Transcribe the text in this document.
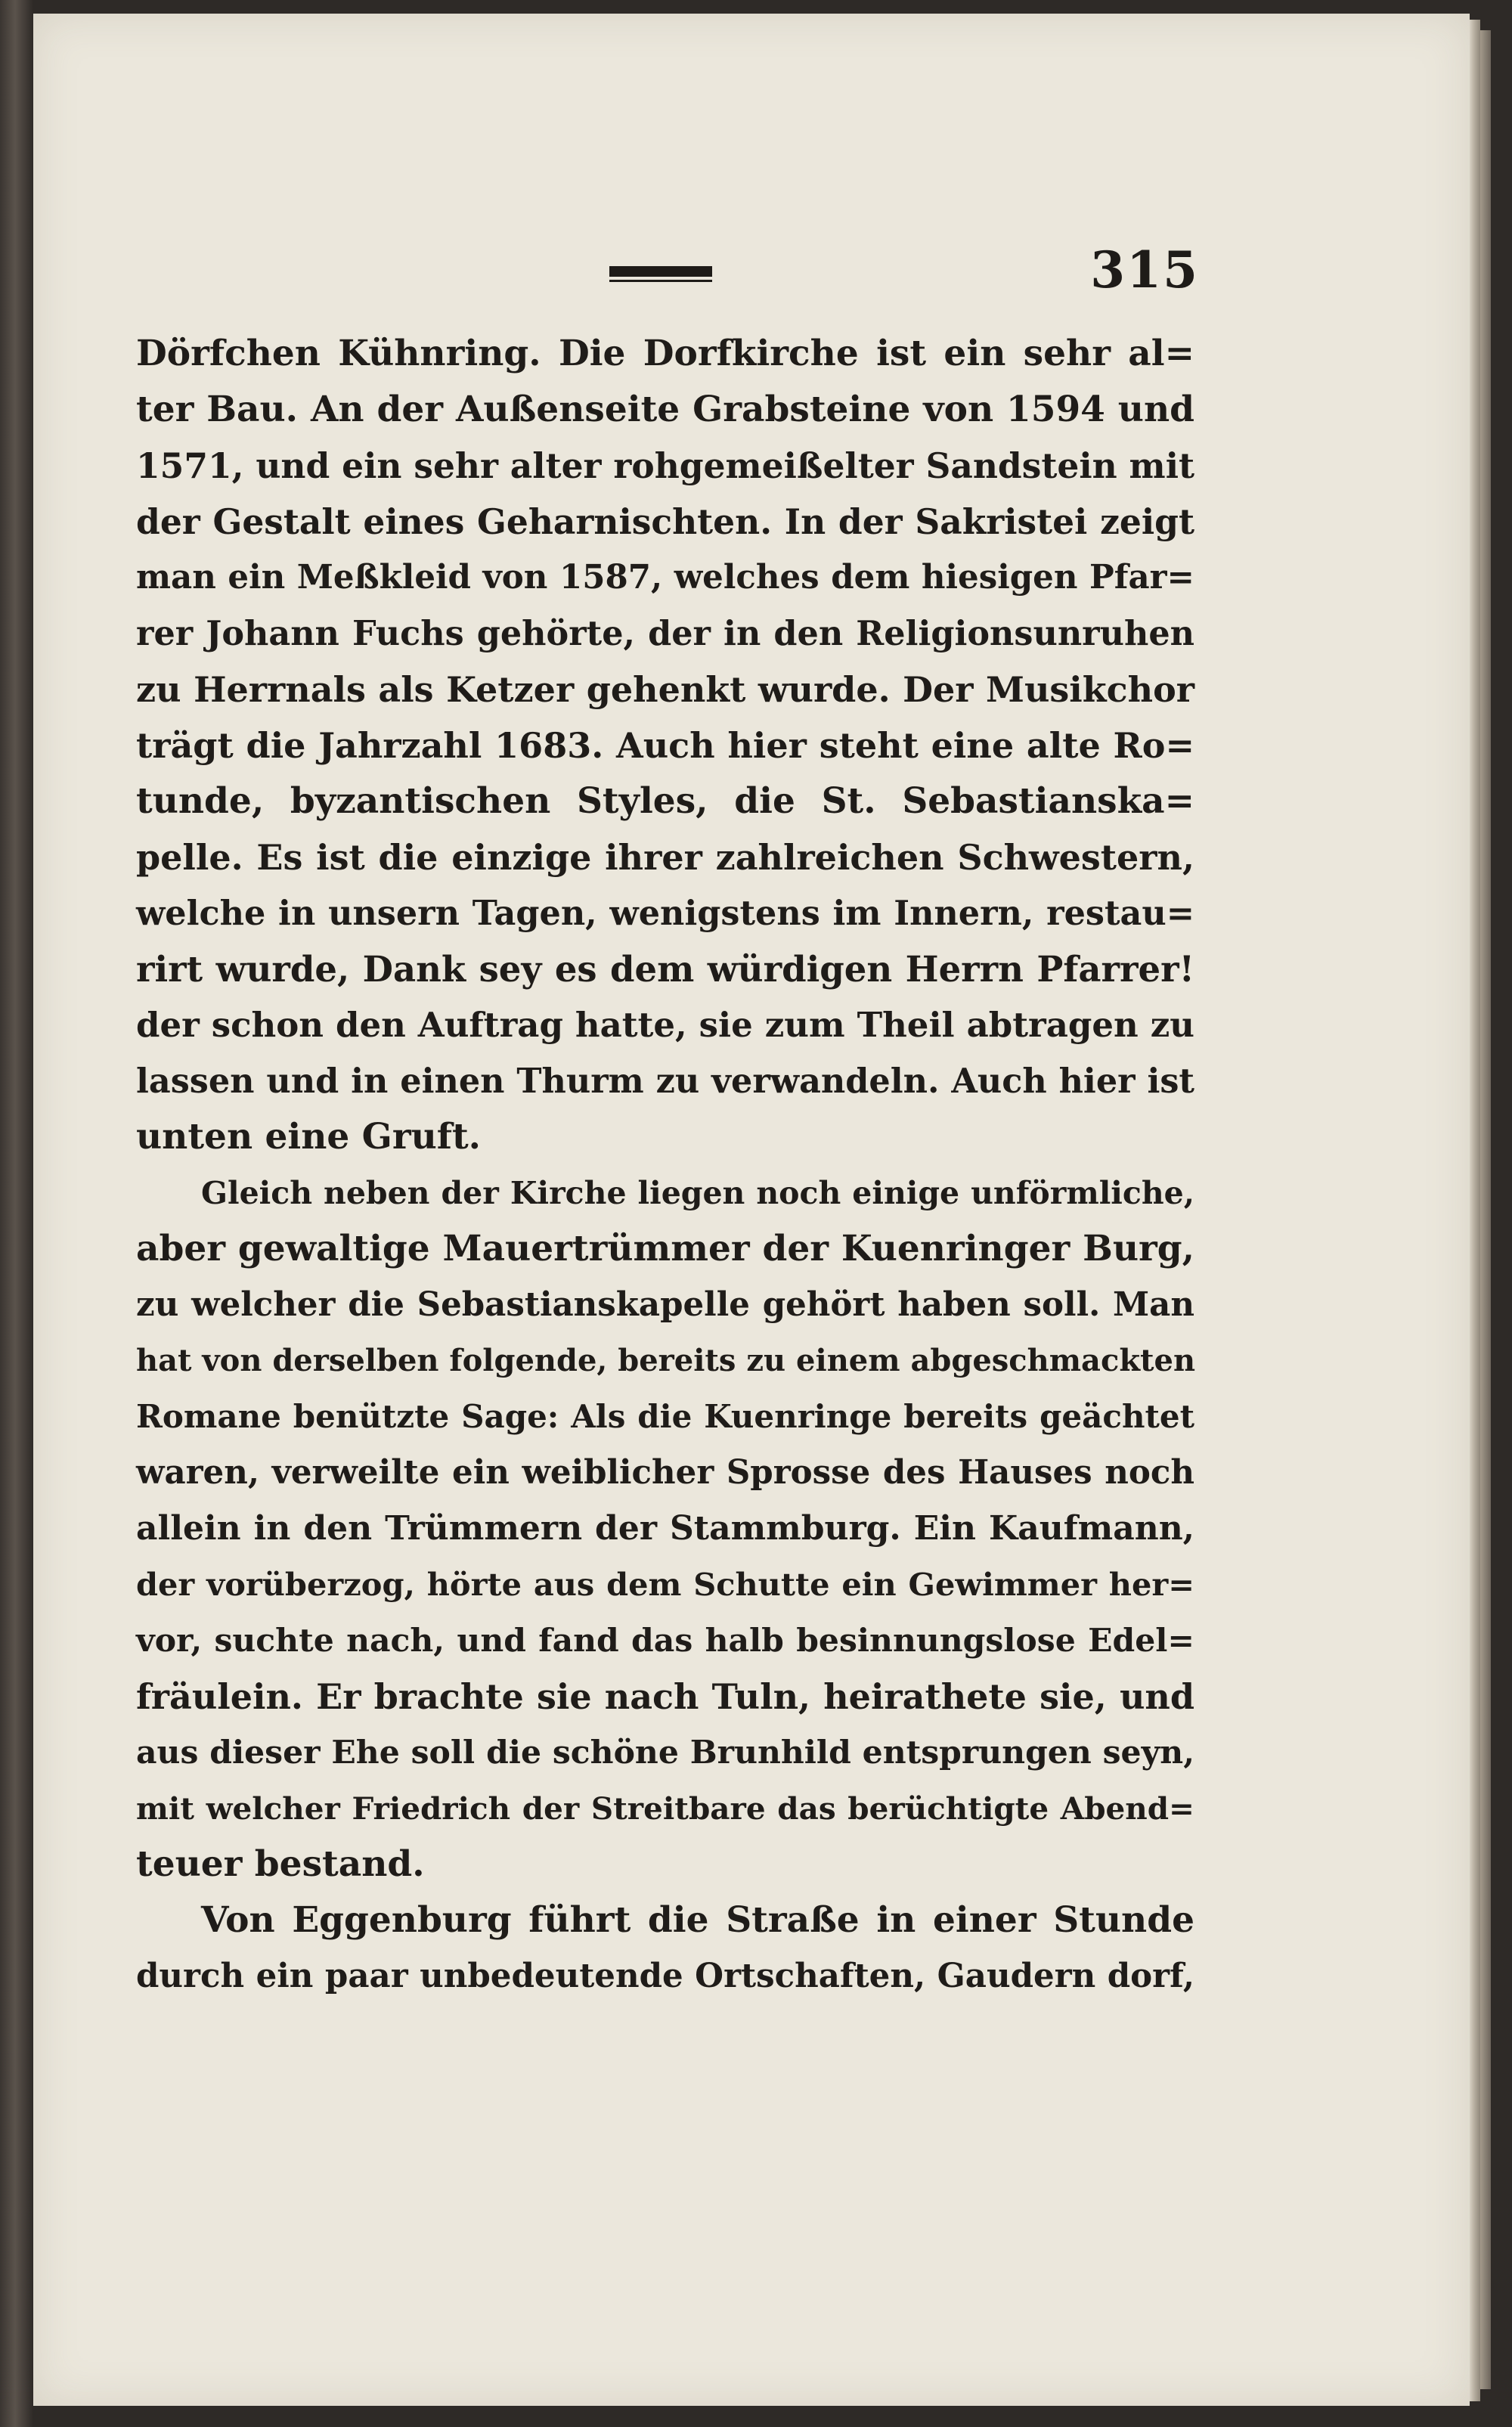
315
Dörfchen Kühnring. Die Dorfkirche ist ein sehr al=
ter Bau. An der Außenseite Grabsteine von 1594 und
1571, und ein sehr alter rohgemeißelter Sandstein mit
der Gestalt eines Geharnischten. In der Sakristei zeigt
man ein Meßkleid von 1587, welches dem hiesigen Pfar=
rer Johann Fuchs gehörte, der in den Religionsunruhen
zu Herrnals als Ketzer gehenkt wurde. Der Musikchor
trägt die Jahrzahl 1683. Auch hier steht eine alte Ro=
tunde, byzantischen Styles, die St. Sebastianska=
pelle. Es ist die einzige ihrer zahlreichen Schwestern,
welche in unsern Tagen, wenigstens im Innern, restau=
rirt wurde, Dank sey es dem würdigen Herrn Pfarrer!
der schon den Auftrag hatte, sie zum Theil abtragen zu
lassen und in einen Thurm zu verwandeln. Auch hier ist
unten eine Gruft.
Gleich neben der Kirche liegen noch einige unförmliche,
aber gewaltige Mauertrümmer der Kuenringer Burg,
zu welcher die Sebastianskapelle gehört haben soll. Man
hat von derselben folgende, bereits zu einem abgeschmackten
Romane benützte Sage: Als die Kuenringe bereits geächtet
waren, verweilte ein weiblicher Sprosse des Hauses noch
allein in den Trümmern der Stammburg. Ein Kaufmann,
der vorüberzog, hörte aus dem Schutte ein Gewimmer her=
vor, suchte nach, und fand das halb besinnungslose Edel=
fräulein. Er brachte sie nach Tuln, heirathete sie, und
aus dieser Ehe soll die schöne Brunhild entsprungen seyn,
mit welcher Friedrich der Streitbare das berüchtigte Abend=
teuer bestand.
Von Eggenburg führt die Straße in einer Stunde
durch ein paar unbedeutende Ortschaften, Gaudern dorf,
